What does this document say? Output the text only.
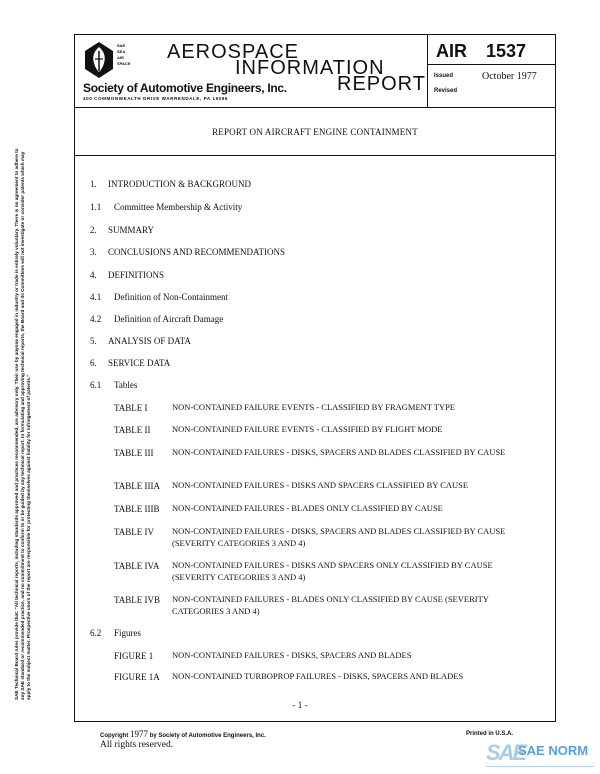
SAE Technical Board rules provide that: "All technical reports, including standards approved and practices recommended, are advisory only. Their use by anyone engaged in industry or trade is entirely voluntary. There is no agreement to adhere to any SAE standard or recommended practice, and no commitment to conform to or be guided by any technical report. In formulating and approving technical reports, the Board and its Committees will not investigate or consider patents which may apply to the subject matter. Prospective users of the report are responsible for protecting themselves against liability for infringement of patents."
SAE
SEA
AIR
SPACE
AEROSPACE
INFORMATION
REPORT
Society of Automotive Engineers, Inc.
400 COMMONWEALTH DRIVE WARRENDALE, PA 15096
AIR 1537
Issued
Revised
October 1977
REPORT ON AIRCRAFT ENGINE CONTAINMENT
1. INTRODUCTION & BACKGROUND
1.1 Committee Membership & Activity
2. SUMMARY
3. CONCLUSIONS AND RECOMMENDATIONS
4. DEFINITIONS
4.1 Definition of Non-Containment
4.2 Definition of Aircraft Damage
5. ANALYSIS OF DATA
6. SERVICE DATA
6.1 Tables
TABLE I	NON-CONTAINED FAILURE EVENTS - CLASSIFIED BY FRAGMENT TYPE
TABLE II	NON-CONTAINED FAILURE EVENTS - CLASSIFIED BY FLIGHT MODE
TABLE III NON-CONTAINED FAILURES - DISKS, SPACERS AND BLADES CLASSIFIED BY CAUSE
TABLE IIIA NON-CONTAINED FAILURES - DISKS AND SPACERS CLASSIFIED BY CAUSE
TABLE IIIB NON-CONTAINED FAILURES - BLADES ONLY CLASSIFIED BY CAUSE
TABLE IV NON-CONTAINED FAILURES - DISKS, SPACERS AND BLADES CLASSIFIED BY CAUSE (SEVERITY CATEGORIES 3 AND 4)
TABLE IVA NON-CONTAINED FAILURES - DISKS AND SPACERS ONLY CLASSIFIED BY CAUSE (SEVERITY CATEGORIES 3 AND 4)
TABLE IVB NON-CONTAINED FAILURES - BLADES ONLY CLASSIFIED BY CAUSE (SEVERITY CATEGORIES 3 AND 4)
6.2 Figures
FIGURE 1 NON-CONTAINED FAILURES - DISKS, SPACERS AND BLADES
FIGURE 1A NON-CONTAINED TURBOPROP FAILURES - DISKS, SPACERS AND BLADES
- 1 -
Copyright 1977 by Society of Automotive Engineers, Inc.
All rights reserved.
Printed in U.S.A.
SAE
SAE NORM
